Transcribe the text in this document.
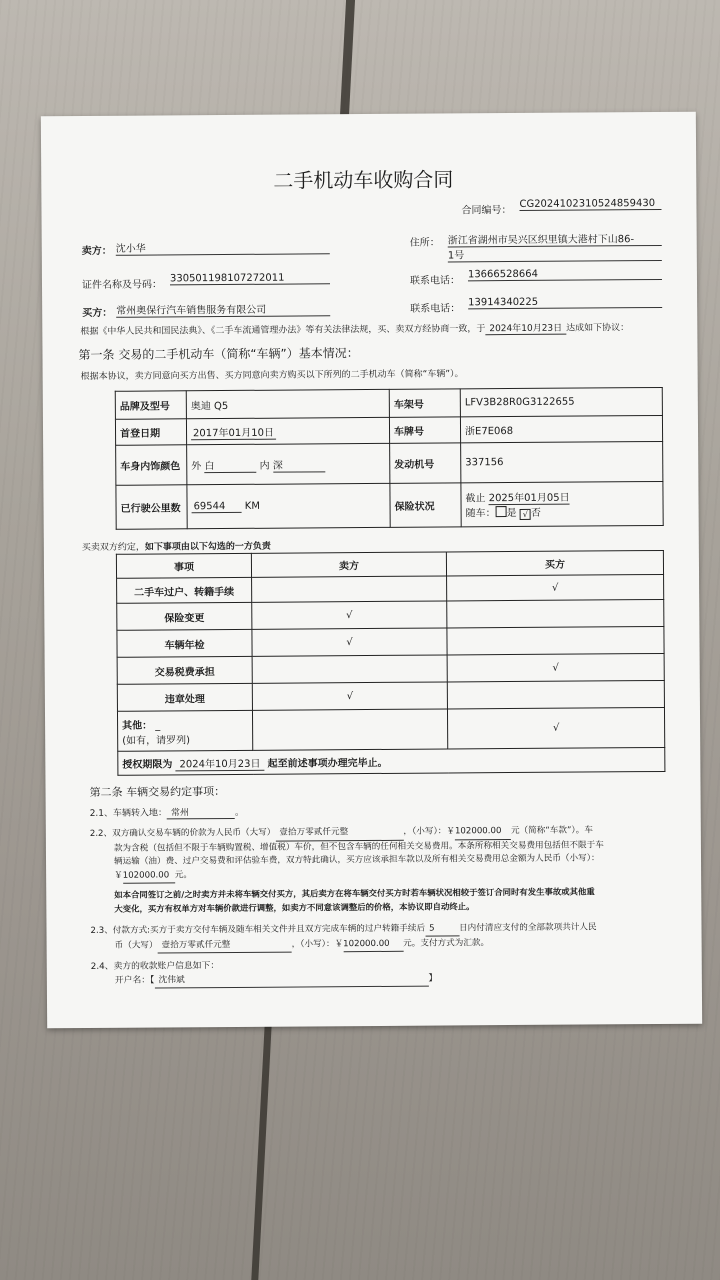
二手机动车收购合同
合同编号：
CG20241023105248594​30
卖方： 沈小华
住所： 浙江省湖州市吴兴区织里镇大港村下山86-
1号
证件名称及号码：
330501198107272011	联系电话：
13666528664
买方： 常州奥保行汽车销售服务有限公司	联系电话：
13914340225
根据《中华人民共和国民法典》、《二手车流通管理办法》等有关法律法规，买、卖双方经协商一致，于 2024年10月23日 达成如下协议：
第一条 交易的二手机动车（简称“车辆”）基本情况：
根据本协议，卖方同意向买方出售、买方同意向卖方购买以下所列的二手机动车（简称“车辆”）。
品牌及型号	奥迪 Q5	车架号	LFV3B28R0G3122655
首登日期	2017年01月10日	车牌号	浙E7E068
车身内饰颜色	外 白 内 深	发动机号	337156
已行驶公里数	69544 KM	保险状况	截止 2025年01月05日
随车： 是 √ 否
买卖双方约定，如下事项由以下勾选的一方负责
事项	卖方	买方
二手车过户、转籍手续		√
保险变更	√	
车辆年检	√	
交易税费承担		√
违章处理	√	

其他： _
(如有，请罗列)		√
授权期限为 2024年10月23日 起至前述事项办理完毕止。		
第二条 车辆交易约定事项：
2.1、车辆转入地： 常州	。
2.2、双方确认交易车辆的价款为人民币（大写） 壹拾万零贰仟元整	，（小写）：￥102000.00 元（简称“车款”）。车
款为含税（包括但不限于车辆购置税、增值税）车价，但不包含车辆的任何相关交易费用。本条所称相关交易费用包括但不限于车
辆运输（油）费、过户交易费和评估验车费，双方特此确认，买方应该承担车款以及所有相关交易费用总金额为人民币（小写）：
￥102000.00 元。
如本合同签订之前/之时卖方并未将车辆交付买方，其后卖方在将车辆交付买方时若车辆状况相较于签订合同时有发生事故或其他重
大变化，买方有权单方对车辆价款进行调整，如卖方不同意该调整后的价格，本协议即自动终止。
2.3、付款方式:买方于卖方交付车辆及随车相关文件并且双方完成车辆的过户转籍手续后 5	日内付清应支付的全部款项共计人民
币（大写） 壹拾万零贰仟元整	，（小写）：￥102000.00 元。支付方式为汇款。
2.4、卖方的收款账户信息如下：
开户名：【 沈伟斌	】
